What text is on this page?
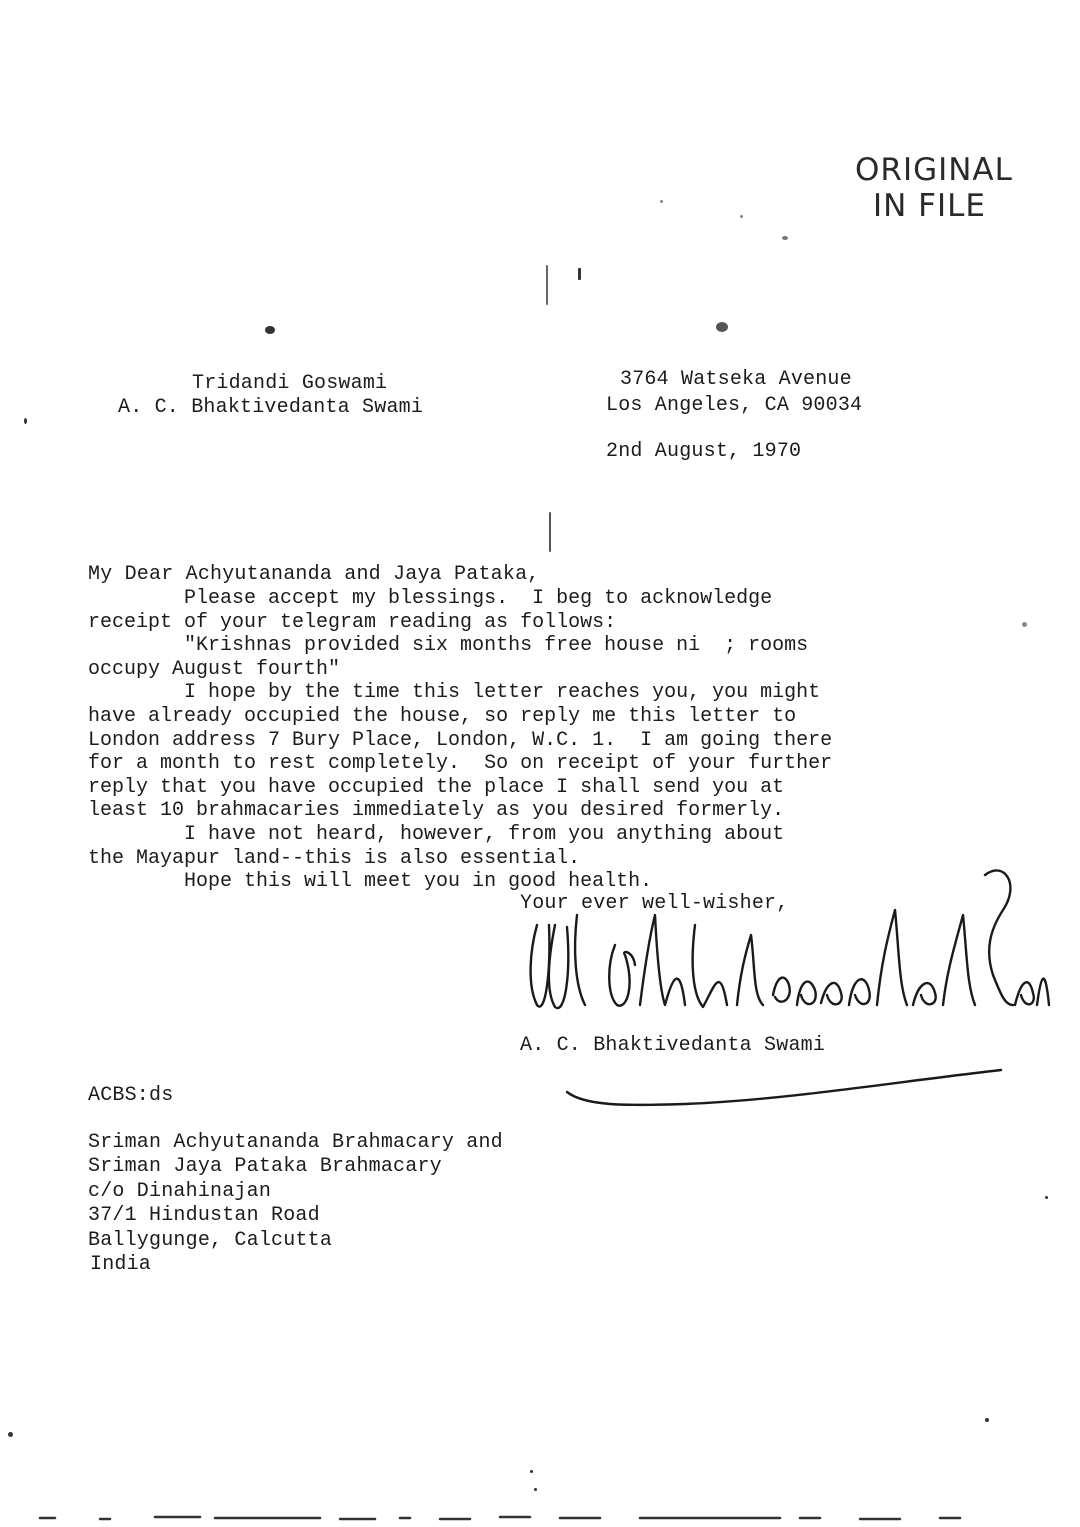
ORIGINAL
IN FILE
Tridandi Goswami
A. C. Bhaktivedanta Swami
3764 Watseka Avenue
Los Angeles, CA 90034
2nd August, 1970
My Dear Achyutananda and Jaya Pataka,
Please accept my blessings.  I beg to acknowledge
receipt of your telegram reading as follows:
"Krishnas provided six months free house ni  ; rooms
occupy August fourth"
I hope by the time this letter reaches you, you might
have already occupied the house, so reply me this letter to
London address 7 Bury Place, London, W.C. 1.  I am going there
for a month to rest completely.  So on receipt of your further
reply that you have occupied the place I shall send you at
least 10 brahmacaries immediately as you desired formerly.
I have not heard, however, from you anything about
the Mayapur land--this is also essential.
Hope this will meet you in good health.
Your ever well-wisher,
A. C. Bhaktivedanta Swami
ACBS:ds
Sriman Achyutananda Brahmacary and
Sriman Jaya Pataka Brahmacary
c/o Dinahinajan
37/1 Hindustan Road
Ballygunge, Calcutta
India
